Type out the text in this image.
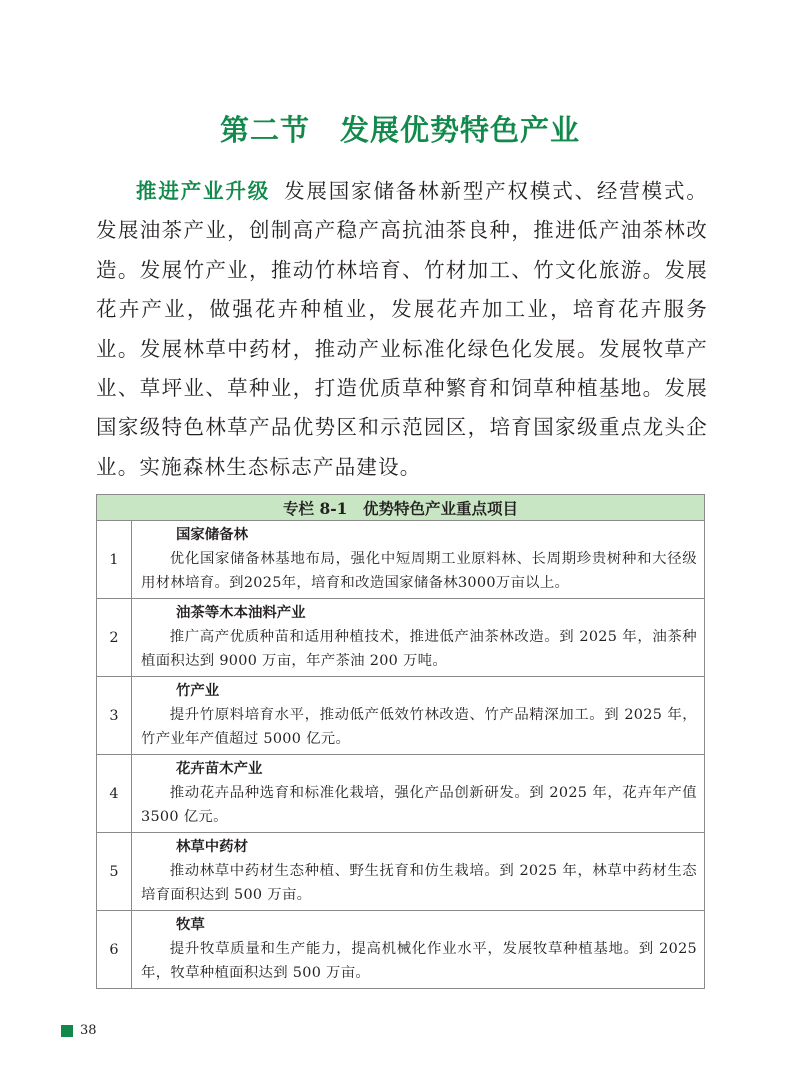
第二节　发展优势特色产业

推进产业升级 发展国家储备林新型产权模式、经营模式。发展油茶产业，创制高产稳产高抗油茶良种，推进低产油茶林改造。发展竹产业，推动竹林培育、竹材加工、竹文化旅游。发展花卉产业，做强花卉种植业，发展花卉加工业，培育花卉服务业。发展林草中药材，推动产业标准化绿色化发展。发展牧草产业、草坪业、草种业，打造优质草种繁育和饲草种植基地。发展国家级特色林草产品优势区和示范园区，培育国家级重点龙头企业。实施森林生态标志产品建设。

专栏 8-1　优势特色产业重点项目	
1	国家储备林
优化国家储备林基地布局，强化中短周期工业原料林、长周期珍贵树种和大径级用材林培育。到2025年，培育和改造国家储备林3000万亩以上。

2	油茶等木本油料产业
推广高产优质种苗和适用种植技术，推进低产油茶林改造。到 2025 年，油茶种植面积达到 9000 万亩，年产茶油 200 万吨。

3	竹产业
提升竹原料培育水平，推动低产低效竹林改造、竹产品精深加工。到 2025 年，竹产业年产值超过 5000 亿元。

4	花卉苗木产业
推动花卉品种选育和标准化栽培，强化产品创新研发。到 2025 年，花卉年产值 3500 亿元。

5	林草中药材
推动林草中药材生态种植、野生抚育和仿生栽培。到 2025 年，林草中药材生态培育面积达到 500 万亩。

6	牧草
提升牧草质量和生产能力，提高机械化作业水平，发展牧草种植基地。到 2025 年，牧草种植面积达到 500 万亩。
38
